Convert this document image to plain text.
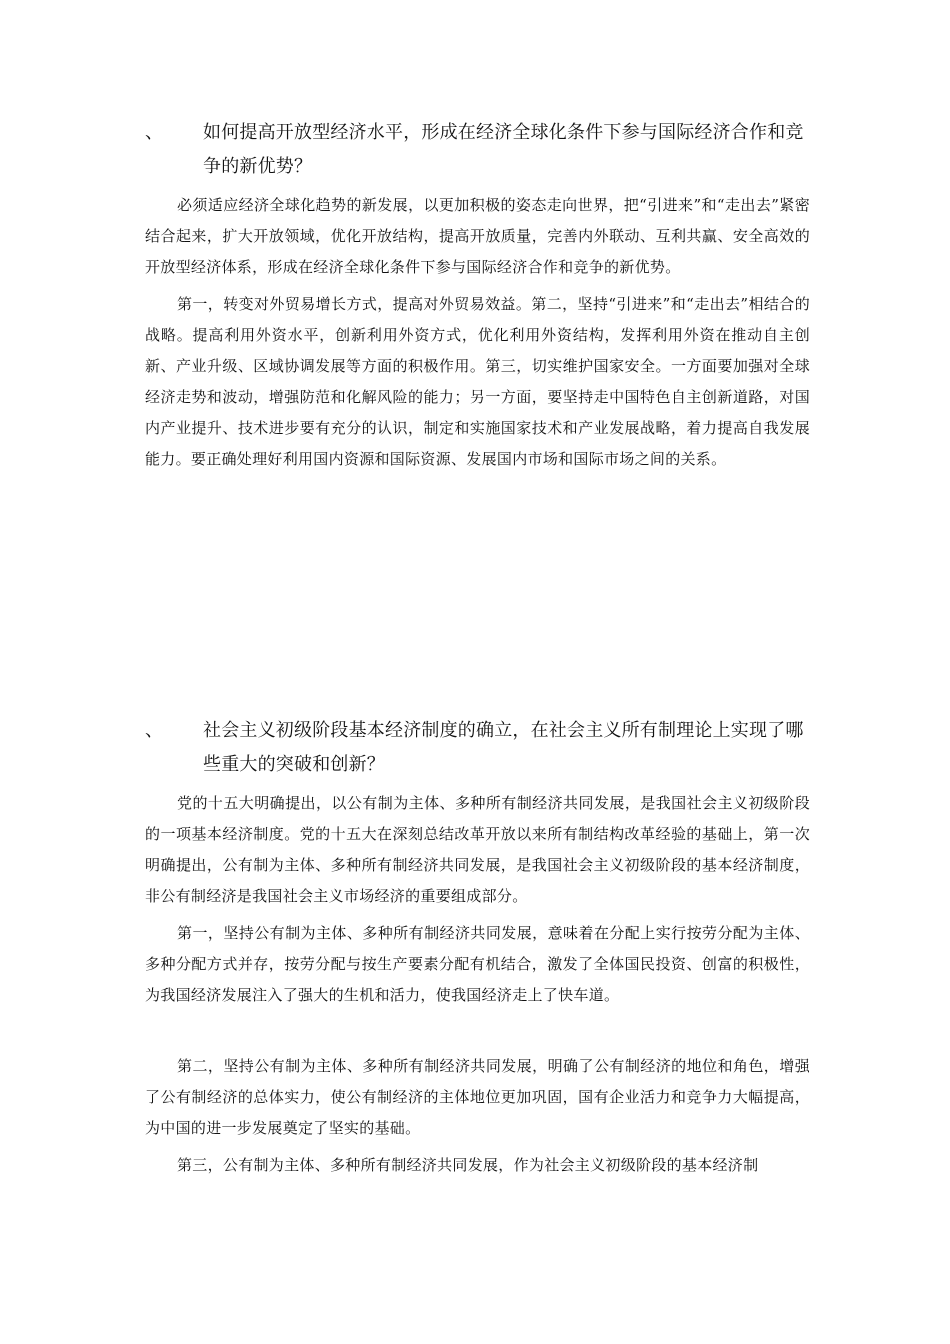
、	如何提高开放型经济水平，形成在经济全球化条件下参与国际经济合作和竞争的新优势？

必须适应经济全球化趋势的新发展，以更加积极的姿态走向世界，把“引进来”和“走出去”紧密结合起来，扩大开放领域，优化开放结构，提高开放质量，完善内外联动、互利共赢、安全高效的开放型经济体系，形成在经济全球化条件下参与国际经济合作和竞争的新优势。

第一，转变对外贸易增长方式，提高对外贸易效益。第二，坚持“引进来”和“走出去”相结合的战略。提高利用外资水平，创新利用外资方式，优化利用外资结构，发挥利用外资在推动自主创新、产业升级、区域协调发展等方面的积极作用。第三，切实维护国家安全。一方面要加强对全球经济走势和波动，增强防范和化解风险的能力；另一方面，要坚持走中国特色自主创新道路，对国内产业提升、技术进步要有充分的认识，制定和实施国家技术和产业发展战略，着力提高自我发展能力。要正确处理好利用国内资源和国际资源、发展国内市场和国际市场之间的关系。

、	社会主义初级阶段基本经济制度的确立，在社会主义所有制理论上实现了哪些重大的突破和创新？

党的十五大明确提出，以公有制为主体、多种所有制经济共同发展，是我国社会主义初级阶段的一项基本经济制度。党的十五大在深刻总结改革开放以来所有制结构改革经验的基础上，第一次明确提出，公有制为主体、多种所有制经济共同发展，是我国社会主义初级阶段的基本经济制度，非公有制经济是我国社会主义市场经济的重要组成部分。

第一，坚持公有制为主体、多种所有制经济共同发展，意味着在分配上实行按劳分配为主体、多种分配方式并存，按劳分配与按生产要素分配有机结合，激发了全体国民投资、创富的积极性，为我国经济发展注入了强大的生机和活力，使我国经济走上了快车道。

第二，坚持公有制为主体、多种所有制经济共同发展，明确了公有制经济的地位和角色，增强了公有制经济的总体实力，使公有制经济的主体地位更加巩固，国有企业活力和竞争力大幅提高，为中国的进一步发展奠定了坚实的基础。

第三，公有制为主体、多种所有制经济共同发展，作为社会主义初级阶段的基本经济制
